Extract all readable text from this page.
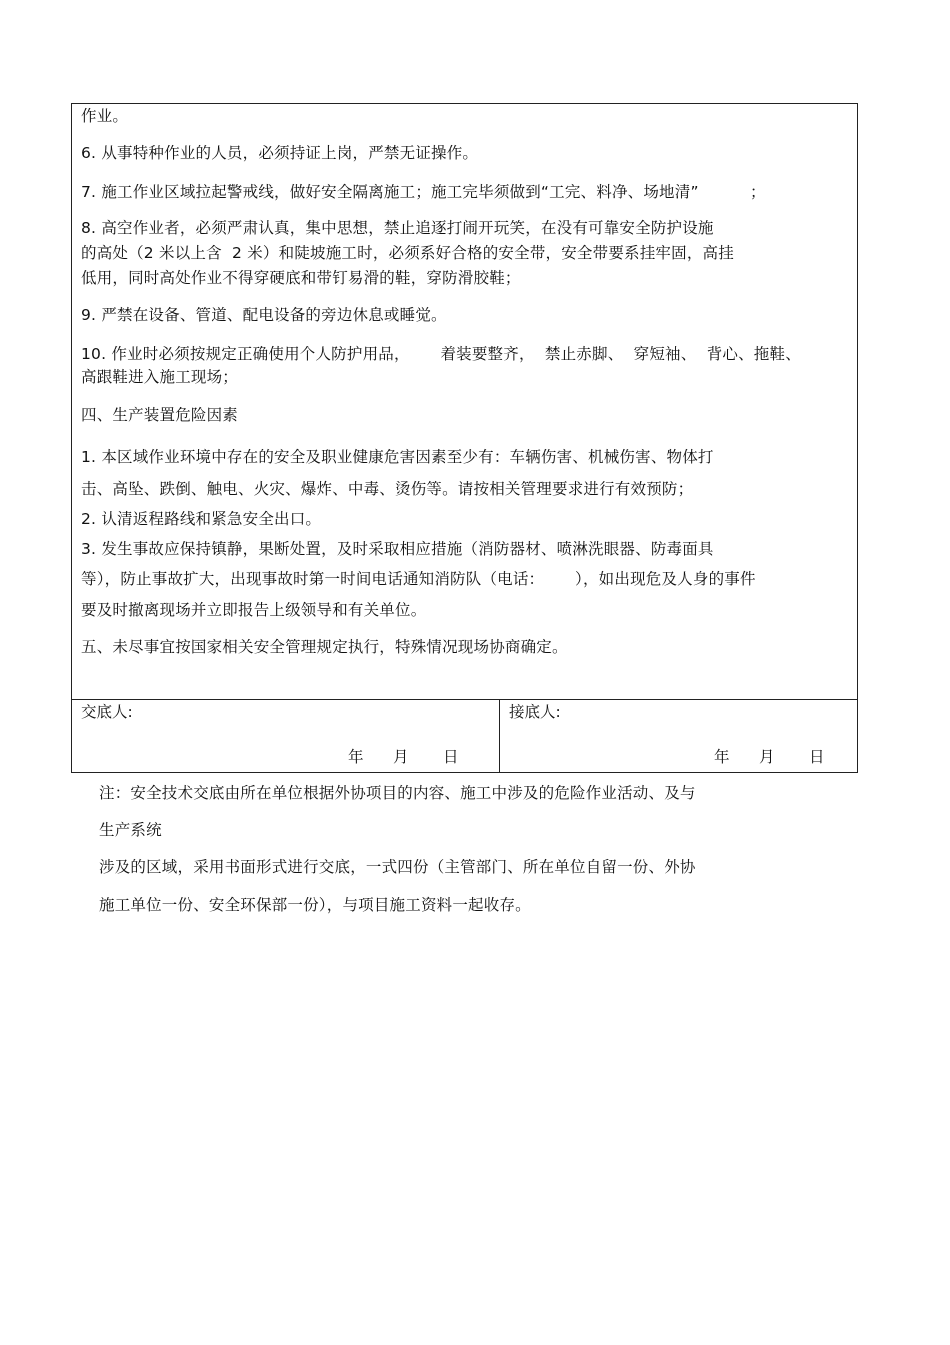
作业。
6. 从事特种作业的人员，必须持证上岗，严禁无证操作。
7. 施工作业区域拉起警戒线，做好安全隔离施工；施工完毕须做到“工完、料净、场地清”          ；
8. 高空作业者，必须严肃认真，集中思想，禁止追逐打闹开玩笑，在没有可靠安全防护设施
的高处（2 米以上含  2 米）和陡坡施工时，必须系好合格的安全带，安全带要系挂牢固，高挂
低用，同时高处作业不得穿硬底和带钉易滑的鞋，穿防滑胶鞋；
9. 严禁在设备、管道、配电设备的旁边休息或睡觉。
10. 作业时必须按规定正确使用个人防护用品，      着装要整齐，  禁止赤脚、  穿短袖、  背心、拖鞋、
高跟鞋进入施工现场；
四、生产装置危险因素
1. 本区域作业环境中存在的安全及职业健康危害因素至少有：车辆伤害、机械伤害、物体打
击、高坠、跌倒、触电、火灾、爆炸、中毒、烫伤等。请按相关管理要求进行有效预防；
2. 认清返程路线和紧急安全出口。
3. 发生事故应保持镇静，果断处置，及时采取相应措施（消防器材、喷淋洗眼器、防毒面具
等），防止事故扩大，出现事故时第一时间电话通知消防队（电话：      ），如出现危及人身的事件
要及时撤离现场并立即报告上级领导和有关单位。
五、未尽事宜按国家相关安全管理规定执行，特殊情况现场协商确定。
交底人:
年      月       日
接底人:
年      月       日
注：安全技术交底由所在单位根据外协项目的内容、施工中涉及的危险作业活动、及与
生产系统
涉及的区域，采用书面形式进行交底，一式四份（主管部门、所在单位自留一份、外协
施工单位一份、安全环保部一份），与项目施工资料一起收存。
